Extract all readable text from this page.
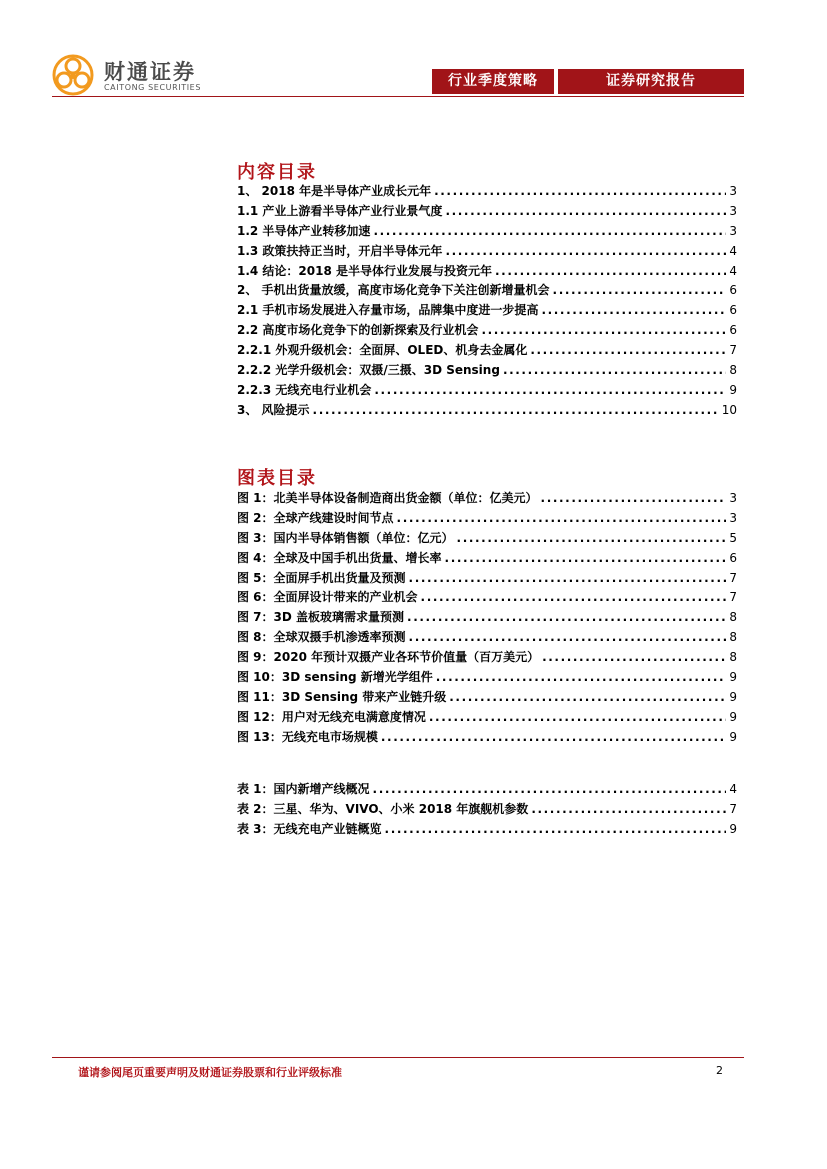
财通证券
CAITONG SECURITIES	行业季度策略	证券研究报告
内容目录
1、 2018 年是半导体产业成长元年 .....	3
1.1 产业上游看半导体产业行业景气度 .....	3
1.2 半导体产业转移加速 .....	3
1.3 政策扶持正当时，开启半导体元年 .....	4
1.4 结论：2018 是半导体行业发展与投资元年 .....	4
2、 手机出货量放缓，高度市场化竞争下关注创新增量机会 .....	6
2.1 手机市场发展进入存量市场，品牌集中度进一步提高 .....	6
2.2 高度市场化竞争下的创新探索及行业机会 .....	6
2.2.1 外观升级机会：全面屏、OLED、机身去金属化 .....	7
2.2.2 光学升级机会：双摄/三摄、3D Sensing .....	8
2.2.3 无线充电行业机会 .....	9
3、 风险提示 .....	10
图表目录
图 1：北美半导体设备制造商出货金额（单位：亿美元） .....	3
图 2：全球产线建设时间节点 .....	3
图 3：国内半导体销售额（单位：亿元） .....	5
图 4：全球及中国手机出货量、增长率 .....	6
图 5：全面屏手机出货量及预测 .....	7
图 6：全面屏设计带来的产业机会 .....	7
图 7：3D 盖板玻璃需求量预测 .....	8
图 8：全球双摄手机渗透率预测 .....	8
图 9：2020 年预计双摄产业各环节价值量（百万美元） .....	8
图 10：3D sensing 新增光学组件 .....	9
图 11：3D Sensing 带来产业链升级 .....	9
图 12：用户对无线充电满意度情况 .....	9
图 13：无线充电市场规模 .....	9
表 1：国内新增产线概况 .....	4
表 2：三星、华为、VIVO、小米 2018 年旗舰机参数 .....	7
表 3：无线充电产业链概览 .....	9
谨请参阅尾页重要声明及财通证券股票和行业评级标准	2
